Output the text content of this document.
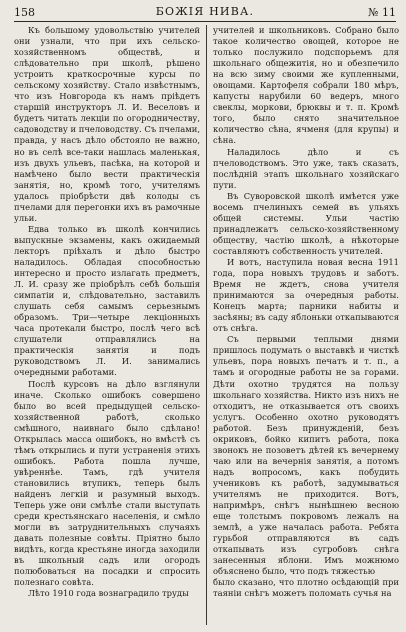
158	БОЖІЯ НИВА.	№ 11

Къ большому удовольствію учителей они узнали, что при ихъ сельско-хозяйственномъ обществѣ, и слѣдовательно при школѣ, рѣшено устроить краткосрочные курсы по сельскому хозяйству. Стало извѣстнымъ, что изъ Новгорода къ намъ пріѣдетъ старшій инструкторъ Л. И. Веселовъ и будетъ читать лекціи по огородничеству, садоводству и пчеловодству. Съ пчелами, правда, у насъ дѣло обстояло не важно, но въ селѣ все-таки нашлась маленькая, изъ двухъ ульевъ, пасѣка, на которой и намѣчено было вести практическія занятія, но, кромѣ того, учителямъ удалось пріобрѣсти двѣ колоды съ пчелами для перегонки ихъ въ рамочные ульи.

Едва только въ школѣ кончились выпускные экзамены, какъ ожидаемый лекторъ пріѣхалъ и дѣло быстро наладилось. Обладая способностью интересно и просто излагать предметъ, Л. И. сразу же пріобрѣлъ себѣ большія симпатіи и, слѣдовательно, заставилъ слушать себя самымъ серьезнымъ образомъ. Три—четыре лекціонныхъ часа протекали быстро, послѣ чего всѣ слушатели отправлялись на практическія занятія и подъ руководствомъ Л. И. занимались очередными работами.

Послѣ курсовъ на дѣло взглянули иначе. Сколько ошибокъ совершено было во всей предыдущей сельско-хозяйственной работѣ, сколько смѣшного, наивнаго было сдѣлано! Открылась масса ошибокъ, но вмѣстѣ съ тѣмъ открылись и пути устраненія этихъ ошибокъ. Работа пошла лучше, увѣреннѣе. Тамъ, гдѣ учителя становились втупикъ, теперь былъ найденъ легкій и разумный выходъ. Теперь уже они смѣлѣе стали выступать среди крестьянскаго населенія, и смѣло могли въ затруднительныхъ случаяхъ давать полезные совѣты. Пріятно было видѣть, когда крестьяне иногда заходили въ школьный садъ или огородъ полюбоваться на посадки и спросить полезнаго совѣта.

Лѣто 1910 года вознаградило труды

учителей и школьниковъ. Собрано было такое количество овощей, которое не только послужило подспорьемъ для школьнаго общежитія, но и обезпечило на всю зиму своими же купленными, овощами. Картофеля собрали 180 мѣръ, капусты нарубили 60 ведеръ, много свеклы, моркови, брюквы и т. п. Кромѣ того, было снято значительное количество сѣна, ячменя (для крупы) и сѣна.

Наладилось дѣло и съ пчеловодствомъ. Это уже, такъ сказать, послѣдній этапъ школьнаго хозяйскаго пути.

Въ Суворовской школѣ имѣется уже восемь пчелиныхъ семей въ ульяхъ общей системы. Ульи частію принадлежатъ сельско-хозяйственному обществу, частію школѣ, а нѣкоторые составляютъ собственность учителей.

И вотъ, наступила новая весна 1911 года, пора новыхъ трудовъ и заботъ. Время не ждетъ, снова учителя принимаются за очередныя работы. Конецъ марта; парники набиты и засѣяны; въ саду яблоньки откапываются отъ снѣга.

Съ первыми теплыми днями пришлось подумать о выставкѣ и чисткѣ ульевъ, пора новыхъ печатъ и т. п., а тамъ и огородные работы не за горами. Дѣти охотно трудятся на пользу школьнаго хозяйства. Никто изъ нихъ не отходитъ, не отказывается отъ своихъ услугъ. Особенно охотно руководятъ работой. Безъ принужденій, безъ окриковъ, бойко кипитъ работа, пока звонокъ не позоветъ дѣтей къ вечернему чаю или на вечернія занятія, а потомъ надъ вопросомъ, какъ побудить учениковъ къ работѣ, задумываться учителямъ не приходится. Вотъ, напримѣръ, снѣгъ нынѣшнею весною еще толстымъ покровомъ лежалъ на землѣ, а уже началась работа. Ребята гурьбой отправляются въ садъ откапывать изъ сугробовъ снѣга занесенныя яблони. Имъ можнюмо объяснено было, что подъ тяжестью

было сказано, что плотно осѣдающій при таяніи снѣгъ можетъ поломать сучья на
